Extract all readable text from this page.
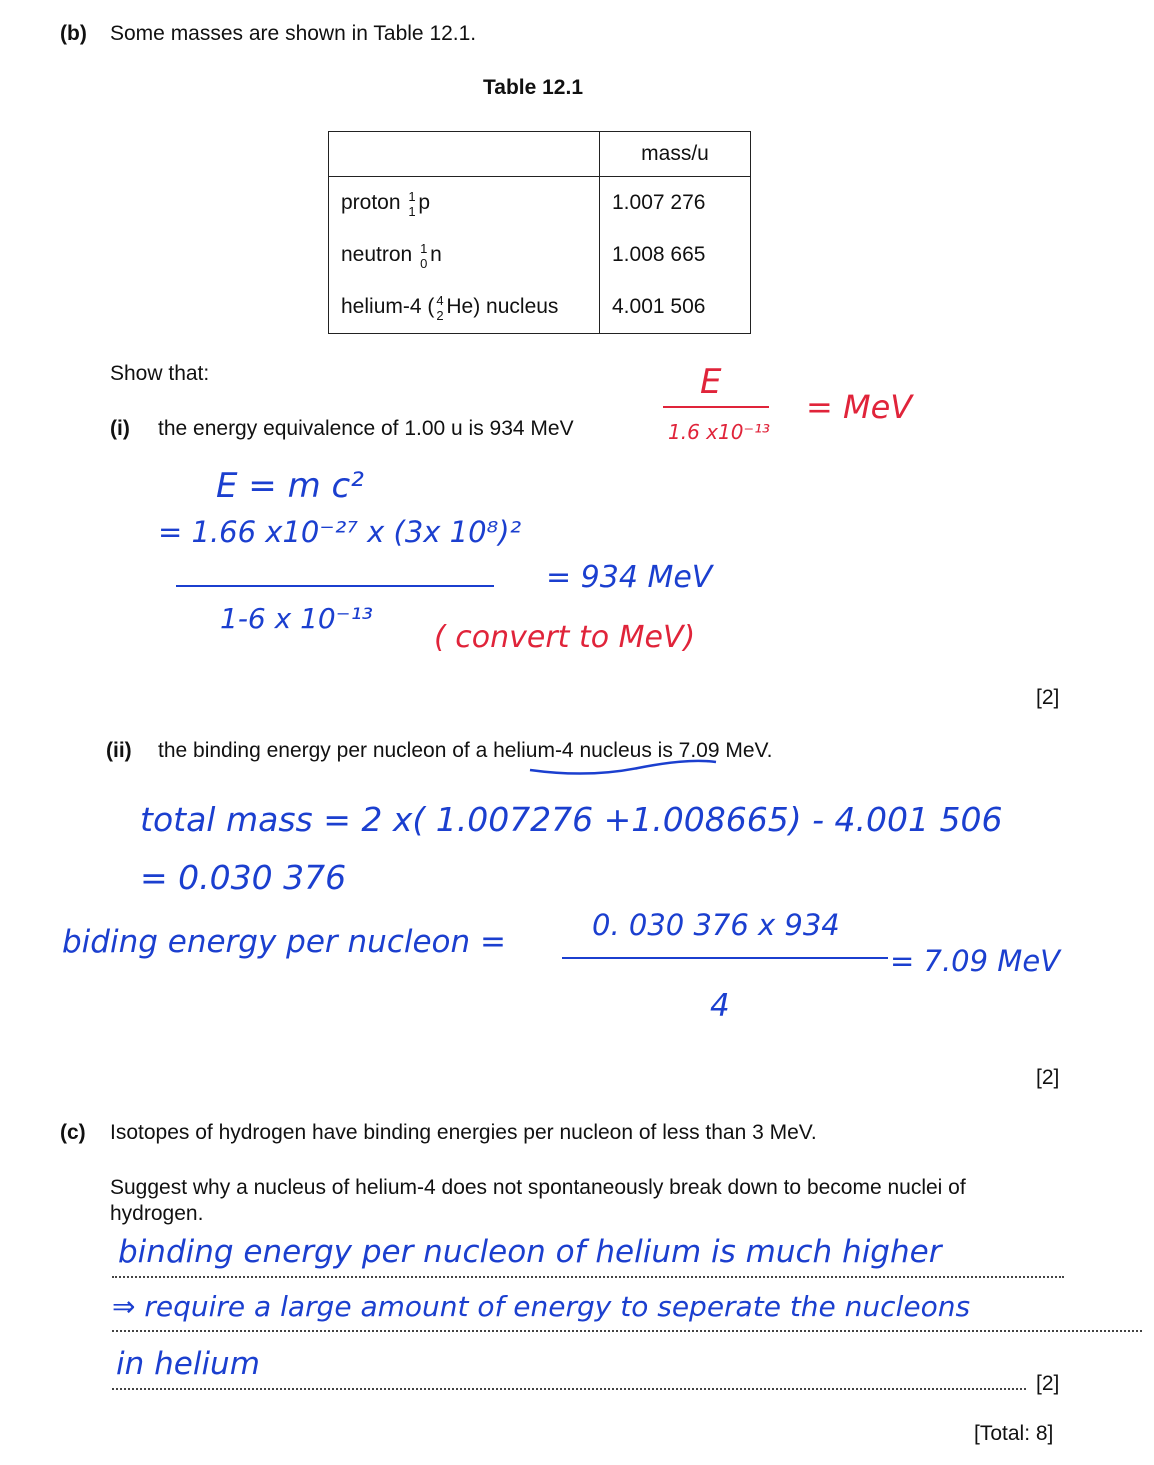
(b) Some masses are shown in Table 12.1.
Table 12.1
	mass/u
proton 1
1 p	1.007 276
neutron 1
0 n	1.008 665
helium-4 ( 4
2 He) nucleus	4.001 506
Show that:
(i) the energy equivalence of 1.00 u is 934 MeV
E
1.6 x10⁻¹³
= MeV
E = m c²
= 1.66 x10⁻²⁷ x (3x 10⁸)²
1-6 x 10⁻¹³
= 934 MeV
( convert to MeV)
[2]
(ii) the binding energy per nucleon of a helium-4 nucleus is 7.09 MeV.
total mass = 2 x( 1.007276 +1.008665) - 4.001 506
= 0.030 376
biding energy per nucleon =	0. 030 376 x 934
4
= 7.09 MeV
[2]
(c) Isotopes of hydrogen have binding energies per nucleon of less than 3 MeV.
Suggest why a nucleus of helium-4 does not spontaneously break down to become nuclei of
hydrogen.
binding energy per nucleon of helium is much higher
⇒ require a large amount of energy to seperate the nucleons
in helium
[2]
[Total: 8]
